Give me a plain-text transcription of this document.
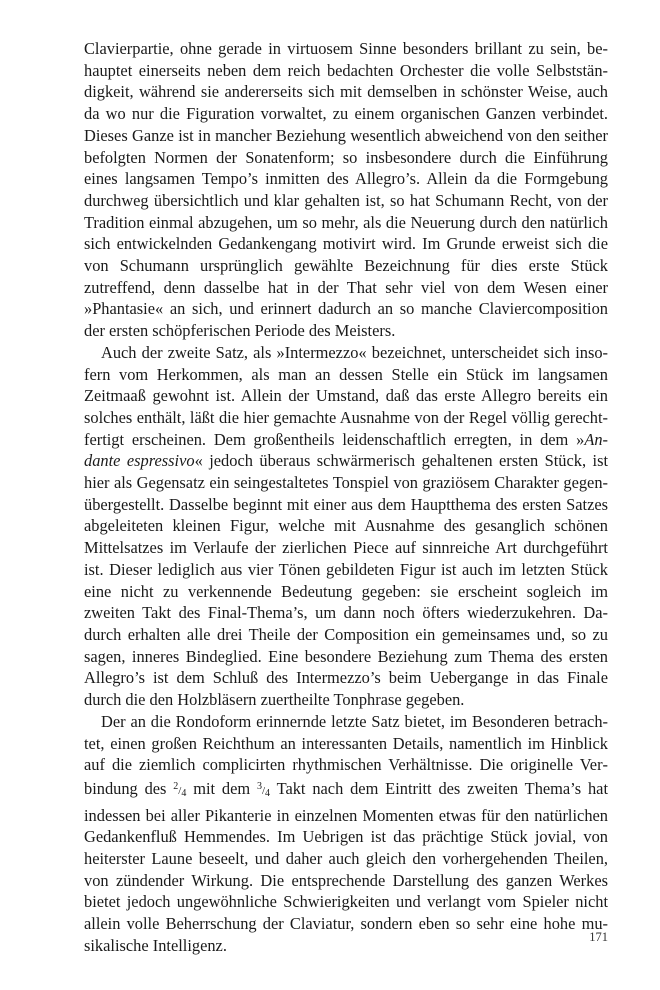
Clavierpartie, ohne gerade in virtuosem Sinne besonders brillant zu sein, behauptet einerseits neben dem reich bedachten Orchester die volle Selbstständigkeit, während sie andererseits sich mit demselben in schönster Weise, auch da wo nur die Figuration vorwaltet, zu einem organischen Ganzen verbindet. Dieses Ganze ist in mancher Beziehung wesentlich abweichend von den seither befolgten Normen der Sonatenform; so insbesondere durch die Einführung eines langsamen Tempo’s inmitten des Allegro’s. Allein da die Formgebung durchweg übersichtlich und klar gehalten ist, so hat Schumann Recht, von der Tradition einmal abzugehen, um so mehr, als die Neuerung durch den natürlich sich entwickelnden Gedankengang motivirt wird. Im Grunde erweist sich die von Schumann ursprünglich gewählte Bezeichnung für dies erste Stück zutreffend, denn dasselbe hat in der That sehr viel von dem Wesen einer »Phantasie« an sich, und erinnert dadurch an so manche Claviercomposition der ersten schöpferischen Periode des Meisters.

Auch der zweite Satz, als »Intermezzo« bezeichnet, unterscheidet sich insofern vom Herkommen, als man an dessen Stelle ein Stück im langsamen Zeitmaaß gewohnt ist. Allein der Umstand, daß das erste Allegro bereits ein solches enthält, läßt die hier gemachte Ausnahme von der Regel völlig gerechtfertigt erscheinen. Dem großentheils leidenschaftlich erregten, in dem »Andante espressivo« jedoch überaus schwärmerisch gehaltenen ersten Stück, ist hier als Gegensatz ein seingestaltetes Tonspiel von graziösem Charakter gegenübergestellt. Dasselbe beginnt mit einer aus dem Hauptthema des ersten Satzes abgeleiteten kleinen Figur, welche mit Ausnahme des gesanglich schönen Mittelsatzes im Verlaufe der zierlichen Piece auf sinnreiche Art durchgeführt ist. Dieser lediglich aus vier Tönen gebildeten Figur ist auch im letzten Stück eine nicht zu verkennende Bedeutung gegeben: sie erscheint sogleich im zweiten Takt des Final-Thema’s, um dann noch öfters wiederzukehren. Dadurch erhalten alle drei Theile der Composition ein gemeinsames und, so zu sagen, inneres Bindeglied. Eine besondere Beziehung zum Thema des ersten Allegro’s ist dem Schluß des Intermezzo’s beim Uebergange in das Finale durch die den Holzbläsern zuertheilte Tonphrase gegeben.

Der an die Rondoform erinnernde letzte Satz bietet, im Besonderen betrachtet, einen großen Reichthum an interessanten Details, namentlich im Hinblick auf die ziemlich complicirten rhythmischen Verhältnisse. Die originelle Verbindung des $^2/_4$ mit dem $^3/_4$ Takt nach dem Eintritt des zweiten Thema’s hat indessen bei aller Pikanterie in einzelnen Momenten etwas für den natürlichen Gedankenfluß Hemmendes. Im Uebrigen ist das prächtige Stück jovial, von heiterster Laune beseelt, und daher auch gleich den vorhergehenden Theilen, von zündender Wirkung. Die entsprechende Darstellung des ganzen Werkes bietet jedoch ungewöhnliche Schwierigkeiten und verlangt vom Spieler nicht allein volle Beherrschung der Claviatur, sondern eben so sehr eine hohe musikalische Intelligenz.	171
